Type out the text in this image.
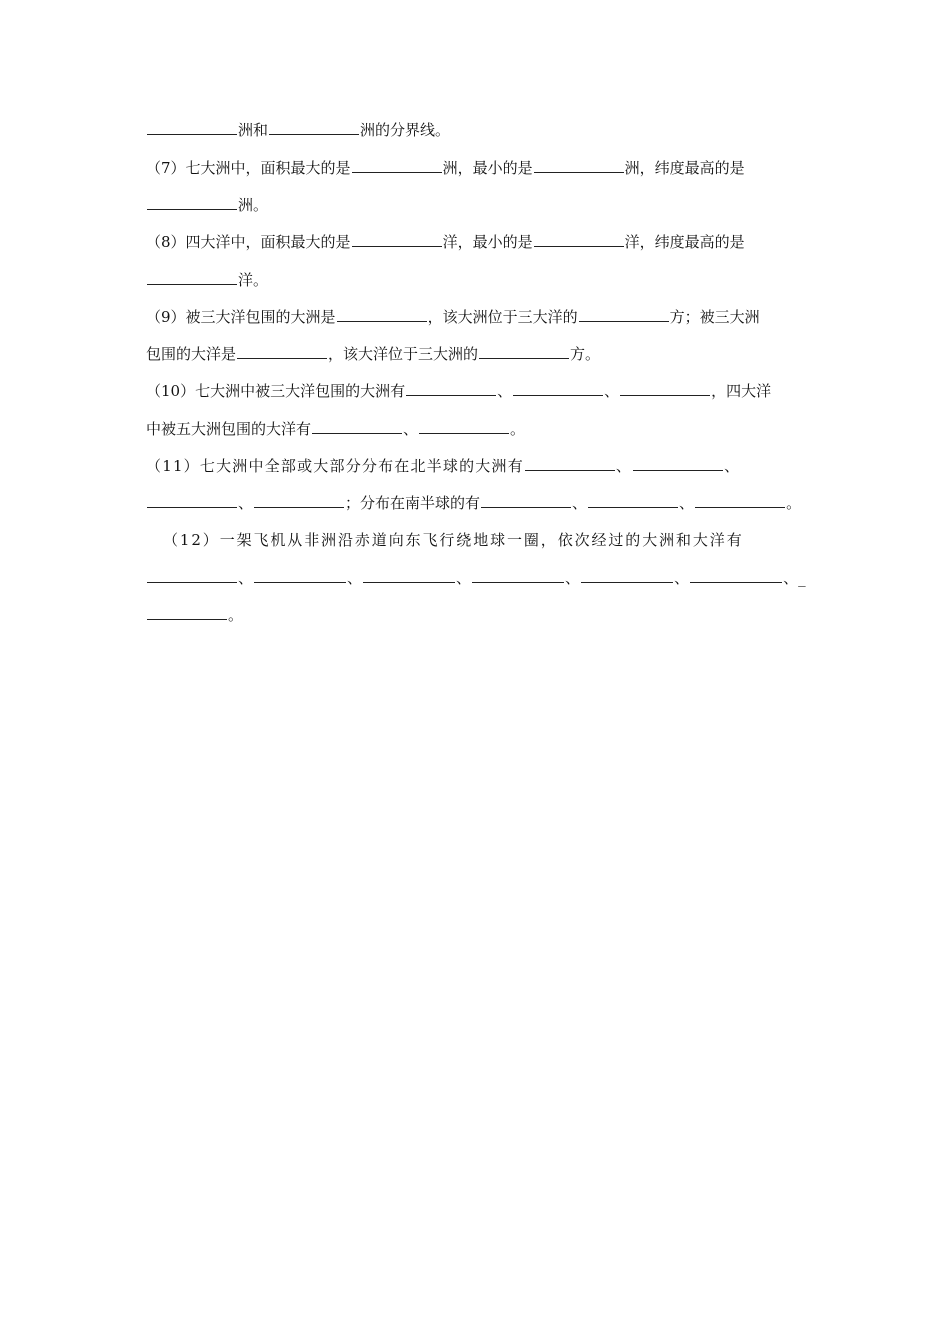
洲和	洲的分界线。
（7）七大洲中，面积最大的是	洲，最小的是	洲，纬度最高的是
洲。
（8）四大洋中，面积最大的是	洋，最小的是	洋，纬度最高的是
洋。
（9）被三大洋包围的大洲是	，该大洲位于三大洋的	方；被三大洲
包围的大洋是	，该大洋位于三大洲的	方。
（10）七大洲中被三大洋包围的大洲有	、	、	，四大洋
中被五大洲包围的大洋有	、	。
（11）七大洲中全部或大部分分布在北半球的大洲有	、	、
、	；分布在南半球的有	、	、	。
（12）一架飞机从非洲沿赤道向东飞行绕地球一圈，依次经过的大洲和大洋有
、	、	、	、	、	、_
。
